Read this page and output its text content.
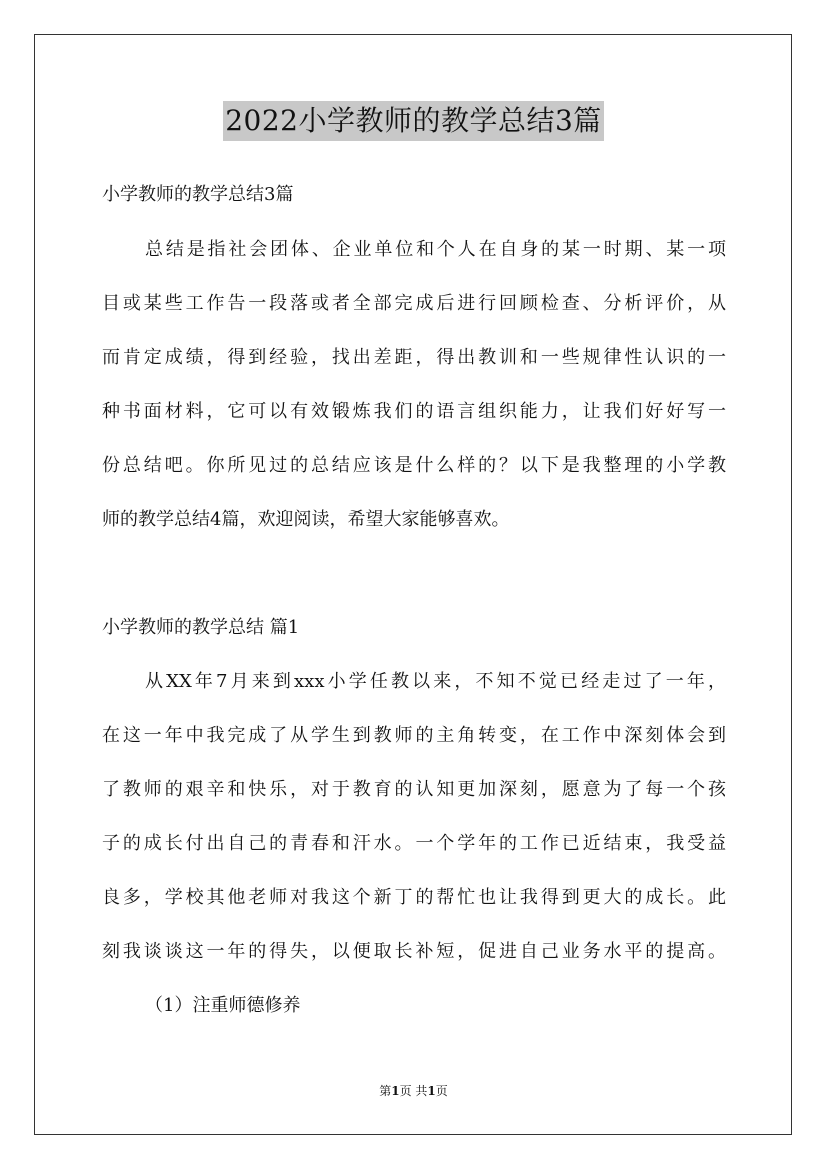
2022小学教师的教学总结3篇
小学教师的教学总结3篇
总结是指社会团体、企业单位和个人在自身的某一时期、某一项
目或某些工作告一段落或者全部完成后进行回顾检查、分析评价，从
而肯定成绩，得到经验，找出差距，得出教训和一些规律性认识的一
种书面材料，它可以有效锻炼我们的语言组织能力，让我们好好写一
份总结吧。你所见过的总结应该是什么样的？以下是我整理的小学教
师的教学总结4篇，欢迎阅读，希望大家能够喜欢。
小学教师的教学总结 篇1
从XX年7月来到xxx小学任教以来，不知不觉已经走过了一年，
在这一年中我完成了从学生到教师的主角转变，在工作中深刻体会到
了教师的艰辛和快乐，对于教育的认知更加深刻，愿意为了每一个孩
子的成长付出自己的青春和汗水。一个学年的工作已近结束，我受益
良多，学校其他老师对我这个新丁的帮忙也让我得到更大的成长。此
刻我谈谈这一年的得失，以便取长补短，促进自己业务水平的提高。
（1）注重师德修养
第1页 共1页
